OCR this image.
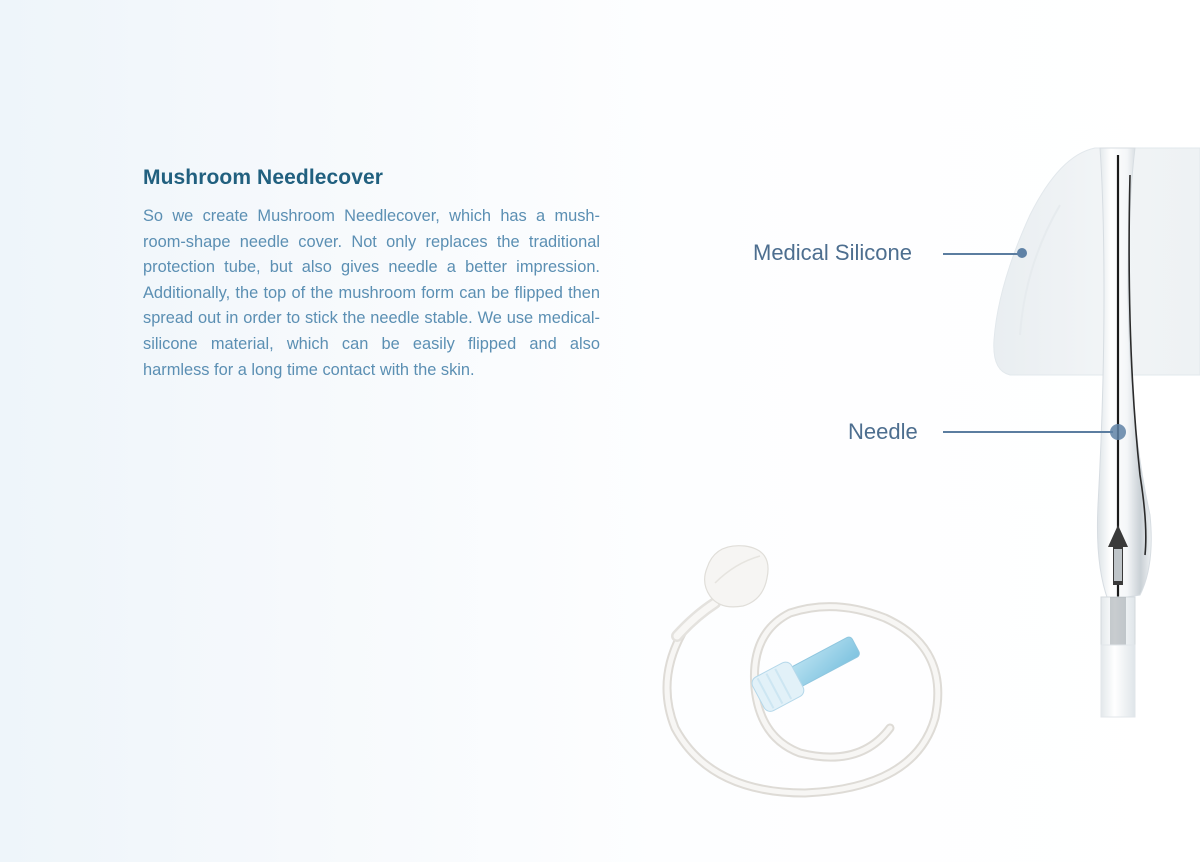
Mushroom Needlecover

So we create Mushroom Needlecover, which has a mush-room-shape needle cover. Not only replaces the traditional protection tube, but also gives needle a better impression. Additionally, the top of the mushroom form can be flipped then spread out in order to stick the needle stable. We use medical-silicone material, which can be easily flipped and also harmless for a long time contact with the skin.

Medical Silicone
Needle
